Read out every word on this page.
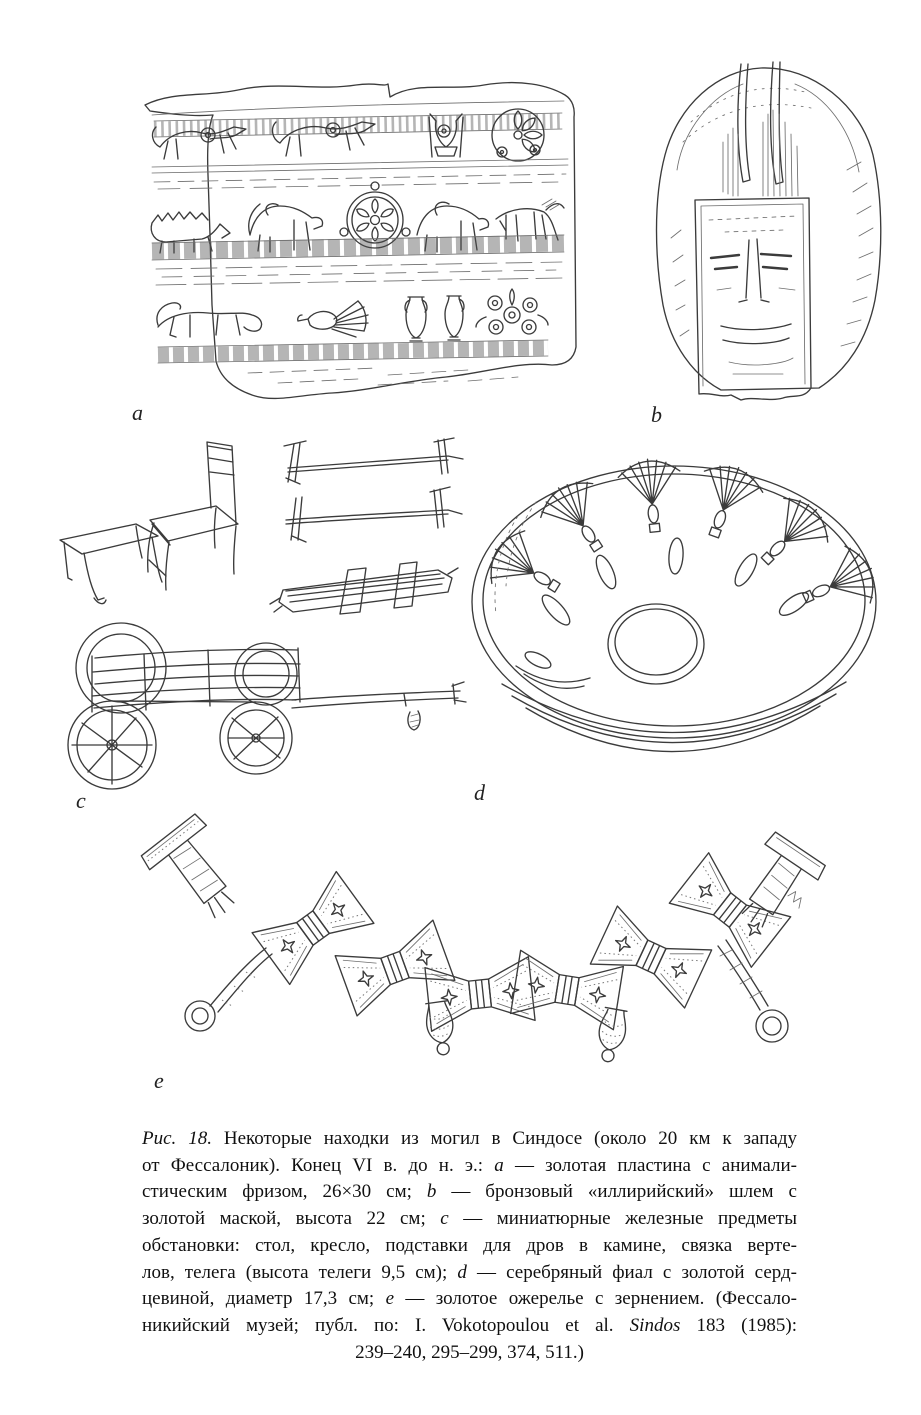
a	b
c	d
e
Рис. 18. Некоторые находки из могил в Синдосе (около 20 км к западу
от Фессалоник). Конец VI в. до н. э.: a — золотая пластина с анимали-
стическим фризом, 26×30 см; b — бронзовый «иллирийский» шлем с
золотой маской, высота 22 см; c — миниатюрные железные предметы
обстановки: стол, кресло, подставки для дров в камине, связка верте-
лов, телега (высота телеги 9,5 см); d — серебряный фиал с золотой серд-
цевиной, диаметр 17,3 см; e — золотое ожерелье с зернением. (Фессало-
никийский музей; публ. по: I. Vokotopoulou et al. Sindos 183 (1985):
239–240, 295–299, 374, 511.)
